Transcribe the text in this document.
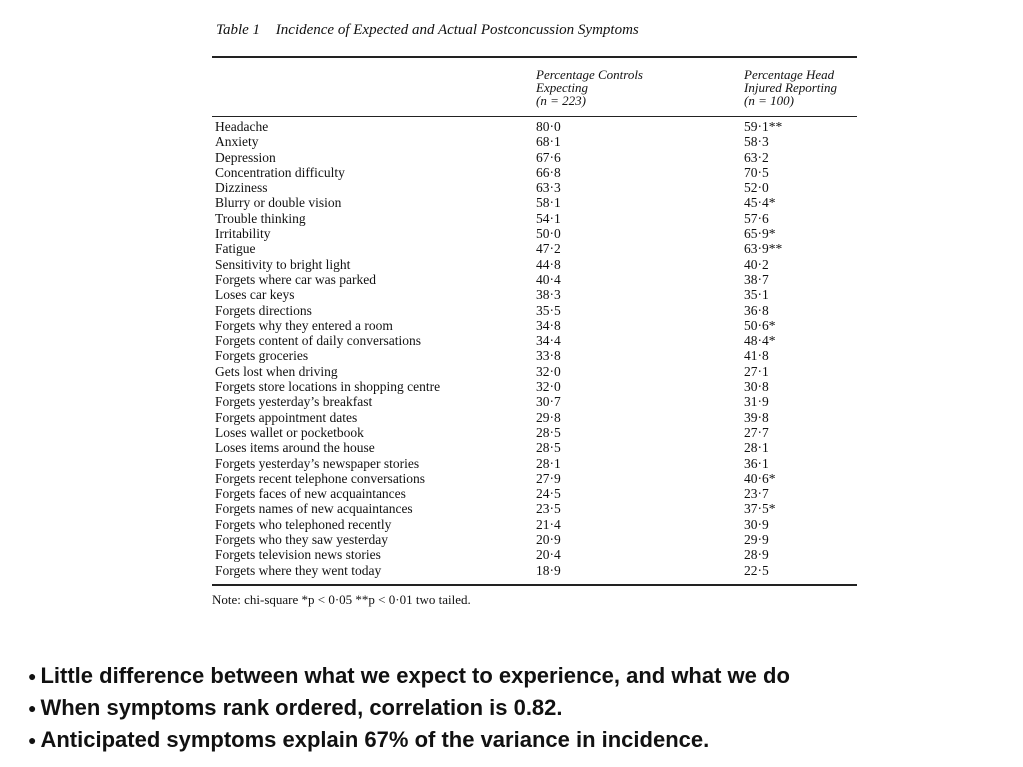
Table 1 Incidence of Expected and Actual Postconcussion Symptoms
Percentage Controls
Expecting
(n = 223)
Percentage Head
Injured Reporting
(n = 100)
Headache	80·0	59·1**
Anxiety	68·1	58·3
Depression	67·6	63·2
Concentration difficulty	66·8	70·5
Dizziness	63·3	52·0
Blurry or double vision	58·1	45·4*
Trouble thinking	54·1	57·6
Irritability	50·0	65·9*
Fatigue	47·2	63·9**
Sensitivity to bright light	44·8	40·2
Forgets where car was parked	40·4	38·7
Loses car keys	38·3	35·1
Forgets directions	35·5	36·8
Forgets why they entered a room	34·8	50·6*
Forgets content of daily conversations	34·4	48·4*
Forgets groceries	33·8	41·8
Gets lost when driving	32·0	27·1
Forgets store locations in shopping centre	32·0	30·8
Forgets yesterday’s breakfast	30·7	31·9
Forgets appointment dates	29·8	39·8
Loses wallet or pocketbook	28·5	27·7
Loses items around the house	28·5	28·1
Forgets yesterday’s newspaper stories	28·1	36·1
Forgets recent telephone conversations	27·9	40·6*
Forgets faces of new acquaintances	24·5	23·7
Forgets names of new acquaintances	23·5	37·5*
Forgets who telephoned recently	21·4	30·9
Forgets who they saw yesterday	20·9	29·9
Forgets television news stories	20·4	28·9
Forgets where they went today	18·9	22·5
Note: chi-square *p < 0·05 **p < 0·01 two tailed.
● Little difference between what we expect to experience, and what we do
● When symptoms rank ordered, correlation is 0.82.
● Anticipated symptoms explain 67% of the variance in incidence.
